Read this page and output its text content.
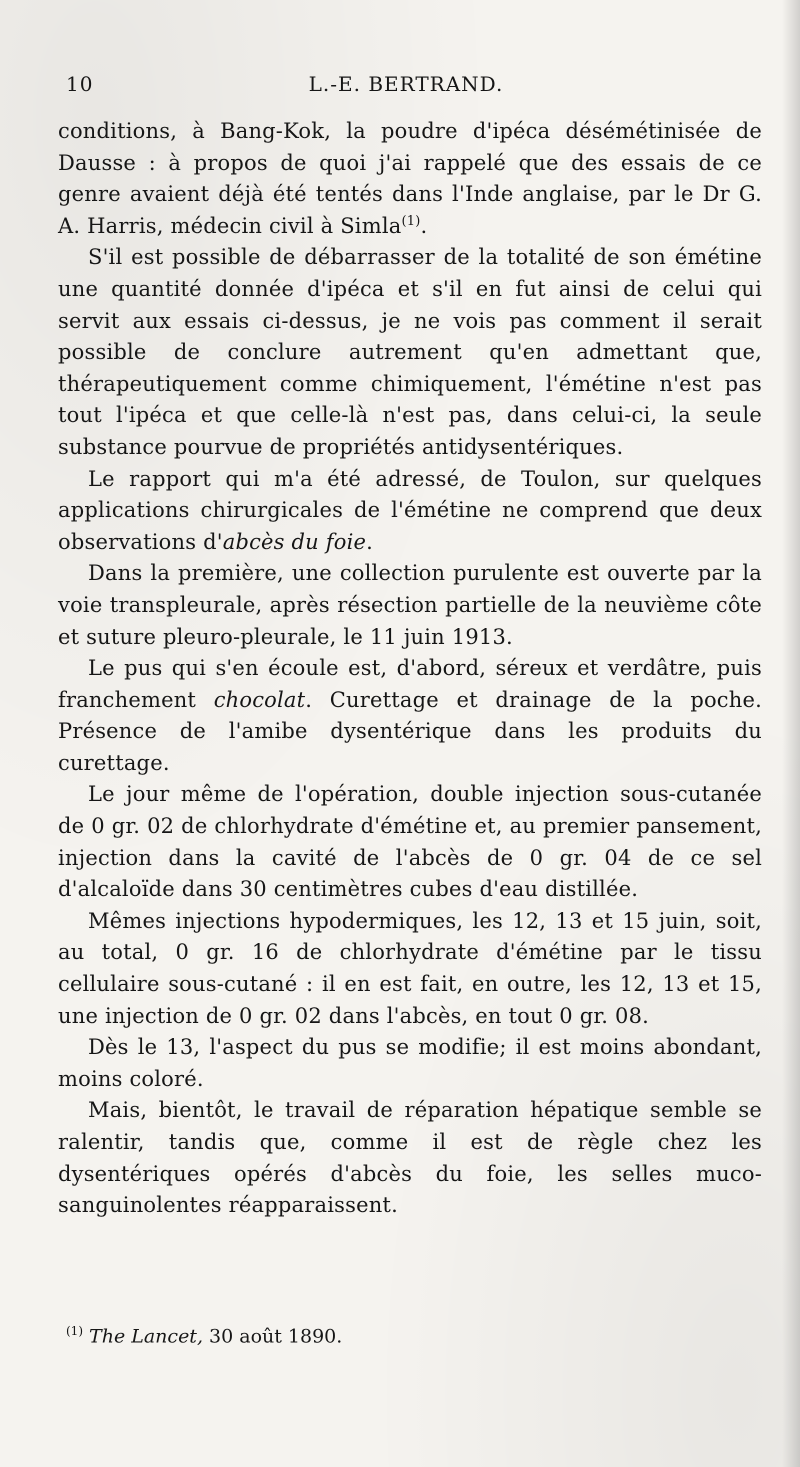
10	L.-E. BERTRAND.

conditions, à Bang-Kok, la poudre d'ipéca désémétinisée de Dausse : à propos de quoi j'ai rappelé que des essais de ce genre avaient déjà été tentés dans l'Inde anglaise, par le Dr G. A. Harris, médecin civil à Simla$^{(1)}$.

S'il est possible de débarrasser de la totalité de son émétine une quantité donnée d'ipéca et s'il en fut ainsi de celui qui servit aux essais ci-dessus, je ne vois pas comment il serait possible de conclure autrement qu'en admettant que, thérapeutiquement comme chimiquement, l'émétine n'est pas tout l'ipéca et que celle-là n'est pas, dans celui-ci, la seule substance pourvue de propriétés antidysentériques.

Le rapport qui m'a été adressé, de Toulon, sur quelques applications chirurgicales de l'émétine ne comprend que deux observations d'abcès du foie.

Dans la première, une collection purulente est ouverte par la voie transpleurale, après résection partielle de la neuvième côte et suture pleuro-pleurale, le 11 juin 1913.

Le pus qui s'en écoule est, d'abord, séreux et verdâtre, puis franchement chocolat. Curettage et drainage de la poche. Présence de l'amibe dysentérique dans les produits du curettage.

Le jour même de l'opération, double injection sous-cutanée de 0 gr. 02 de chlorhydrate d'émétine et, au premier pansement, injection dans la cavité de l'abcès de 0 gr. 04 de ce sel d'alcaloïde dans 30 centimètres cubes d'eau distillée.

Mêmes injections hypodermiques, les 12, 13 et 15 juin, soit, au total, 0 gr. 16 de chlorhydrate d'émétine par le tissu cellulaire sous-cutané : il en est fait, en outre, les 12, 13 et 15, une injection de 0 gr. 02 dans l'abcès, en tout 0 gr. 08.

Dès le 13, l'aspect du pus se modifie; il est moins abondant, moins coloré.

Mais, bientôt, le travail de réparation hépatique semble se ralentir, tandis que, comme il est de règle chez les dysentériques opérés d'abcès du foie, les selles muco-sanguinolentes réapparaissent.

$^{(1)}$ The Lancet, 30 août 1890.
